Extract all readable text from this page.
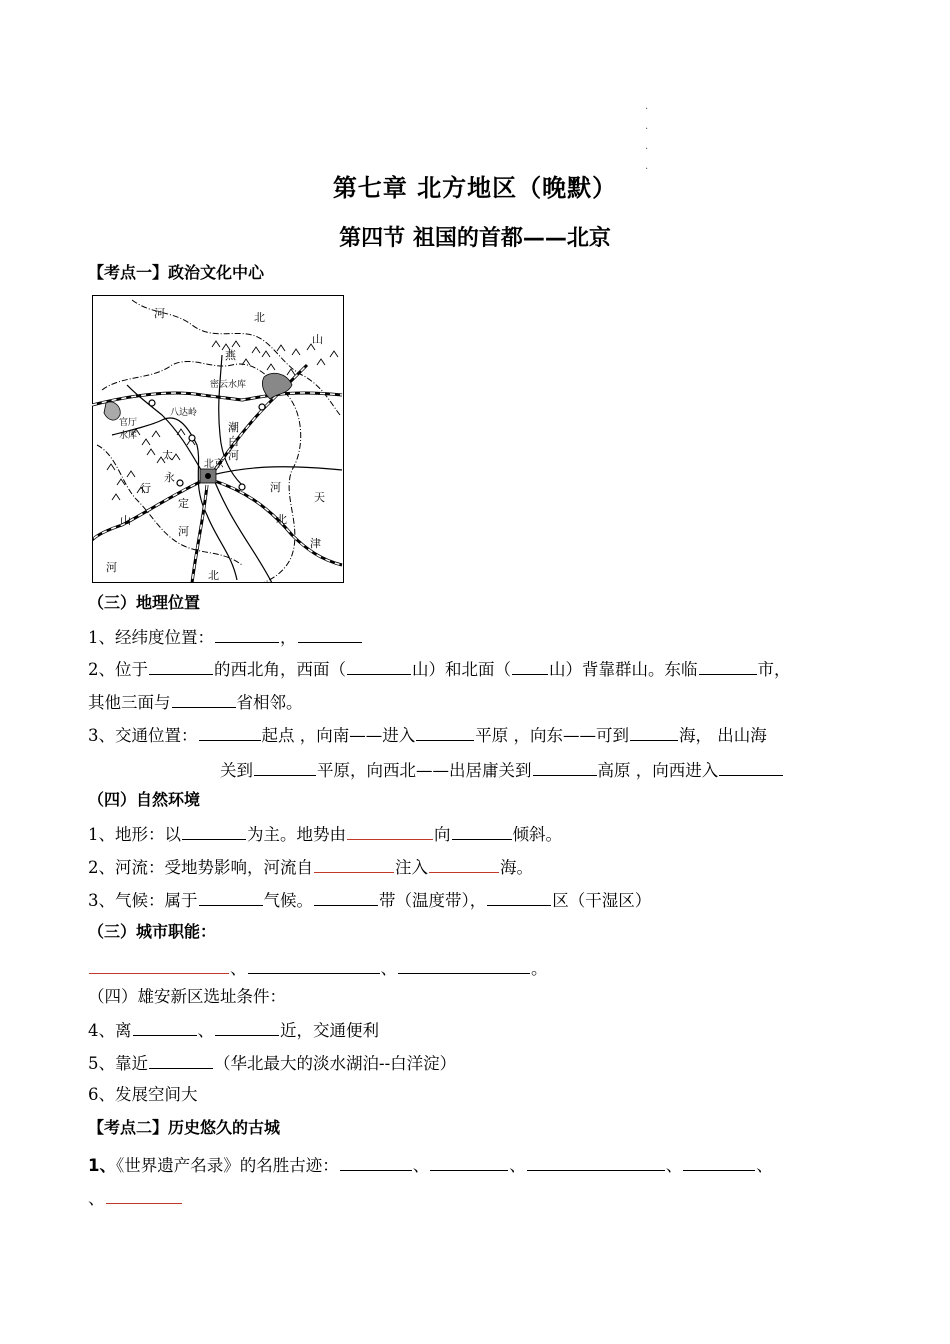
.
.
.
.
第七章 北方地区（晚默）
第四节 祖国的首都——北京
【考点一】政治文化中心
河	北
燕
山
密云水库
八达岭
官厅
水库
潮
白
河
太
行
山
永
定
河
北京
河
天
北
津
河
北
（三）地理位置
1、经纬度位置：	，
2、位于	的西北角，西面（	山）和北面（ 山）背靠群山。东临	市，
其他三面与	省相邻。
3、交通位置：	起点 ，向南——进入	平原 ，向东——可到	海， 出山海
关到	平原，向西北——出居庸关到	高原 ，向西进入
（四）自然环境
1、地形：以	为主。地势由	向	倾斜。
2、河流：受地势影响，河流自	注入	海。
3、气候：属于	气候。	带（温度带），	区（干湿区）
（三）城市职能：
、	、	。
（四）雄安新区选址条件：
4、离	、	近，交通便利
5、靠近	（华北最大的淡水湖泊--白洋淀）
6、发展空间大
【考点二】历史悠久的古城
1、《世界遗产名录》的名胜古迹：	、	、	、	、
、
